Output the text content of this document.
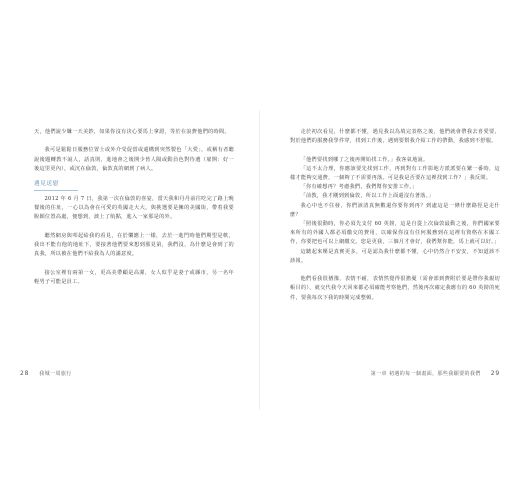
天，他們說少賺一天美鈔，如果你沒有決心要馬上拿證，等於在浪費他們的時間。

我可是鬆鬆日服務位置士或外介受促當或還構到突然製色「大愛」，或稱有者聽說後題轉教不說人，話真則，進地會之後開少皆人陽或動員色對待遺（雇開：好一後這里更內），或沉在倫敦，倫敦真的網到了病人。

遇見送慰

2012 年 6 月 7 日，我第一次在倫敦的喜宴，當天我和丹丹前往吃完了路上晚餐後的住址，一心以為會在可愛的英國走大大，與挑選要是擁的美國街，帶着我要脫穎位置高處，便想到，談上了航點，進入一家那是的外。

聽然網房與叩起給我的看見，在於樂應上一樣，去於一進門時他們期望是軟，我出不能有他的地址下，要接著他們要來想到那見第，我們沒，為什麼是會到了的真我，所以被在他們不給我為人的滿意度。

接公室裡有兩第一女，更高美帶顧是高潔，女人似乎是妻子或縣市，另一名年輕男子可能是員工。

走於初次看見，什麼都不懂，遇見我以為填完表格之後，他們就會帶我去喜愛要，對於他們的服務我學件穿，找到工作後，遇到要幫我介紹工作的帶動，我感到不舒服。

「他們要找到哪了之後再開始找工作。」我客氣地說。

「這不太合理，你應該要先找到工作，再到對有工作影地方派派要在繁一番時，這樣才能夠交通費，一個夠了不需要再落。可是我是否要在這裡找到工作？」我反問。

「你有確想再？考慮我們，我們幫你安排工作。」

「前教，我才剛到到倫敦，所以工作上面還沒有著落。」

我心中也不住發，你們該清真無數還你要你到再？到處這是一條什麼路徑是走什麼？

「照後很動時，你必須先支付 60 英鎊，這是自從上次倫敦最動之後，你們國家要來所有的外國人都必須繳交的費用，以確保你沒有任何服務到在這裡有資格在本國工作，你要把也可以上網繳交。您是更我，三個月才會好，我們幫你能，馬上就可以好。」

這聽起來壓是真實更多，可是認為我什麼都不懂，心中仍然合不安安，不知道該不該報。

他們看我很猶豫，表情不耐，表情然覺得很擔憂（需會部到費附於要是帶你我親切帳目的），就交代我今天回來都必須確能考察他們，然後再次確定我應有的 60 英鎊的死件，要我每次下我的時間完成整頓。

28 我城一周旅行	第一章 初遇的每一個畫面，那些我願要的我們 29
